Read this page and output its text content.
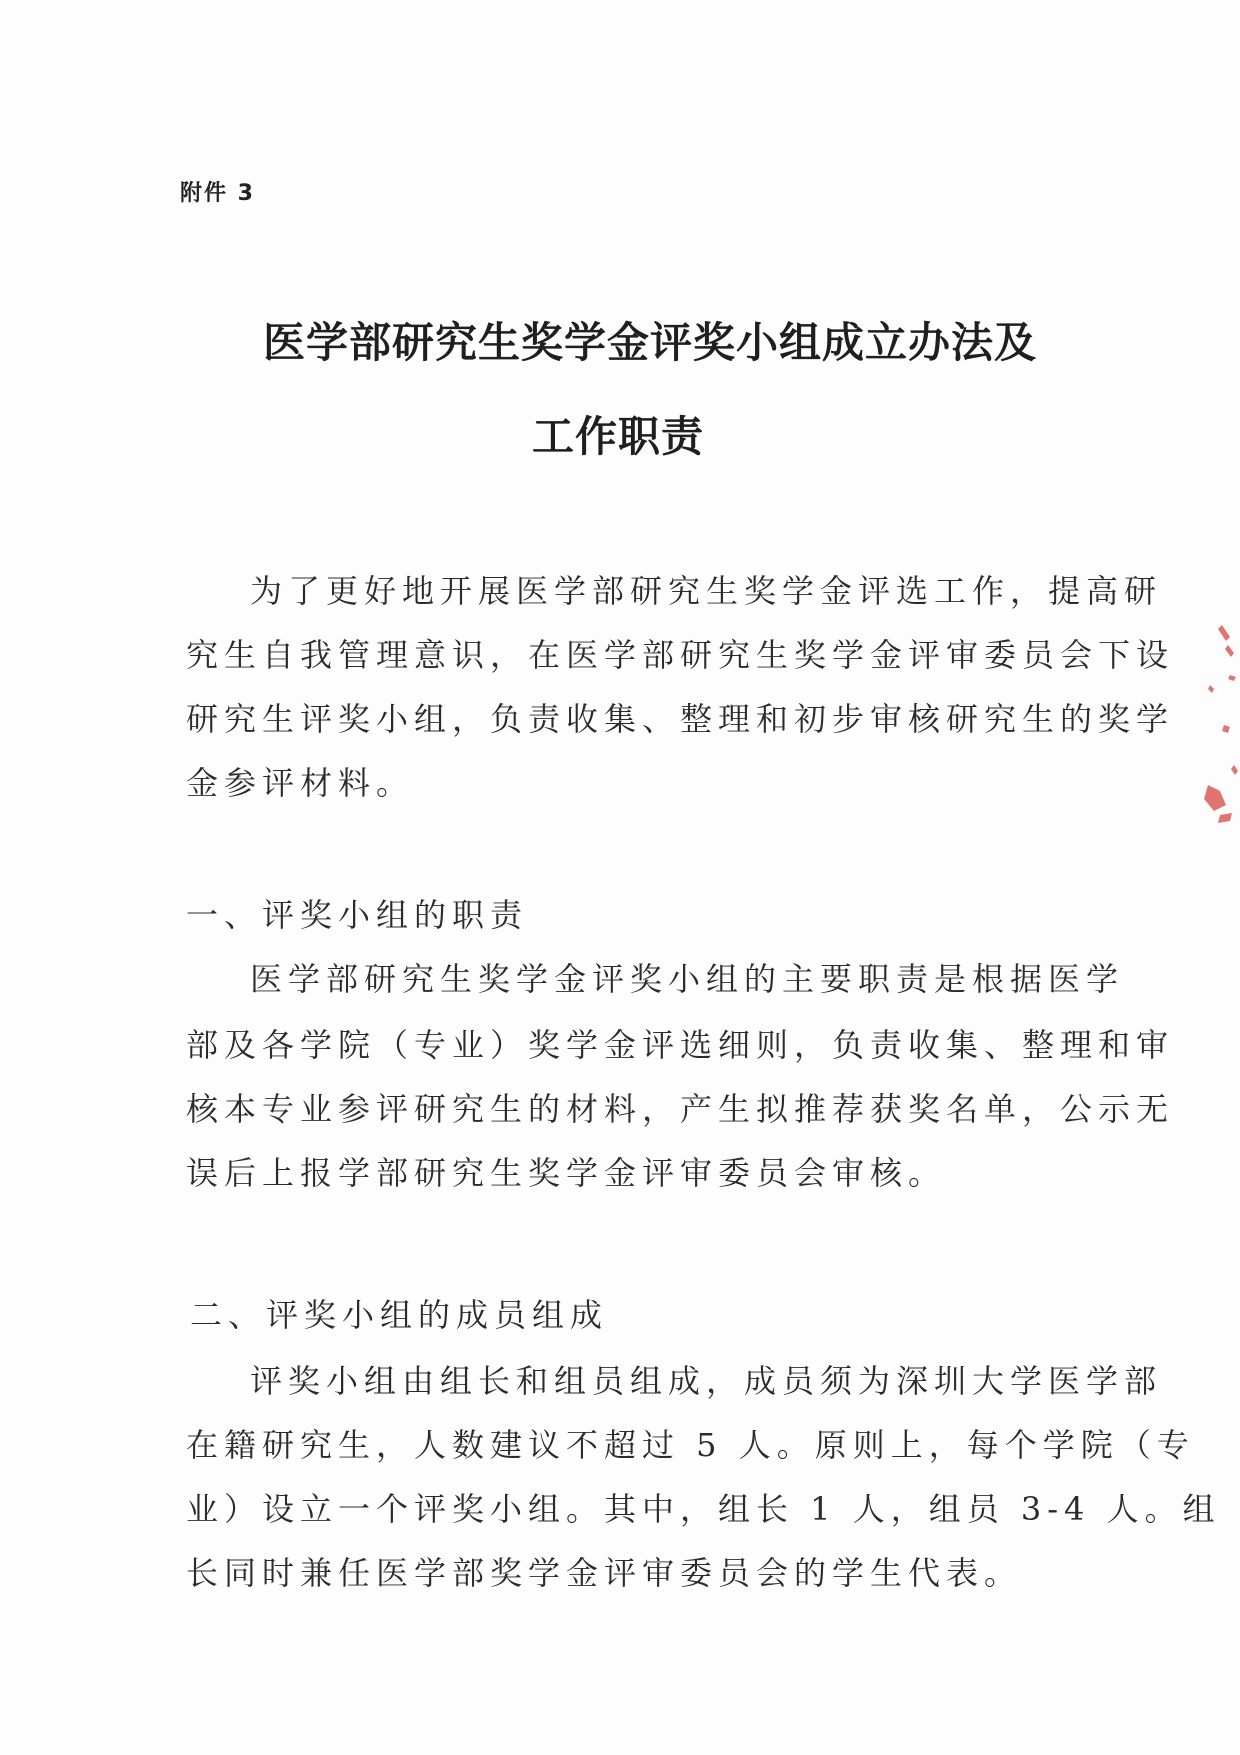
附件 3
医学部研究生奖学金评奖小组成立办法及
工作职责
为了更好地开展医学部研究生奖学金评选工作，提高研
究生自我管理意识，在医学部研究生奖学金评审委员会下设
研究生评奖小组，负责收集、整理和初步审核研究生的奖学
金参评材料。
一、评奖小组的职责
医学部研究生奖学金评奖小组的主要职责是根据医学
部及各学院（专业）奖学金评选细则，负责收集、整理和审
核本专业参评研究生的材料，产生拟推荐获奖名单，公示无
误后上报学部研究生奖学金评审委员会审核。
二、评奖小组的成员组成
评奖小组由组长和组员组成，成员须为深圳大学医学部
在籍研究生，人数建议不超过 5 人。原则上，每个学院（专
业）设立一个评奖小组。其中，组长 1 人，组员 3-4 人。组
长同时兼任医学部奖学金评审委员会的学生代表。
